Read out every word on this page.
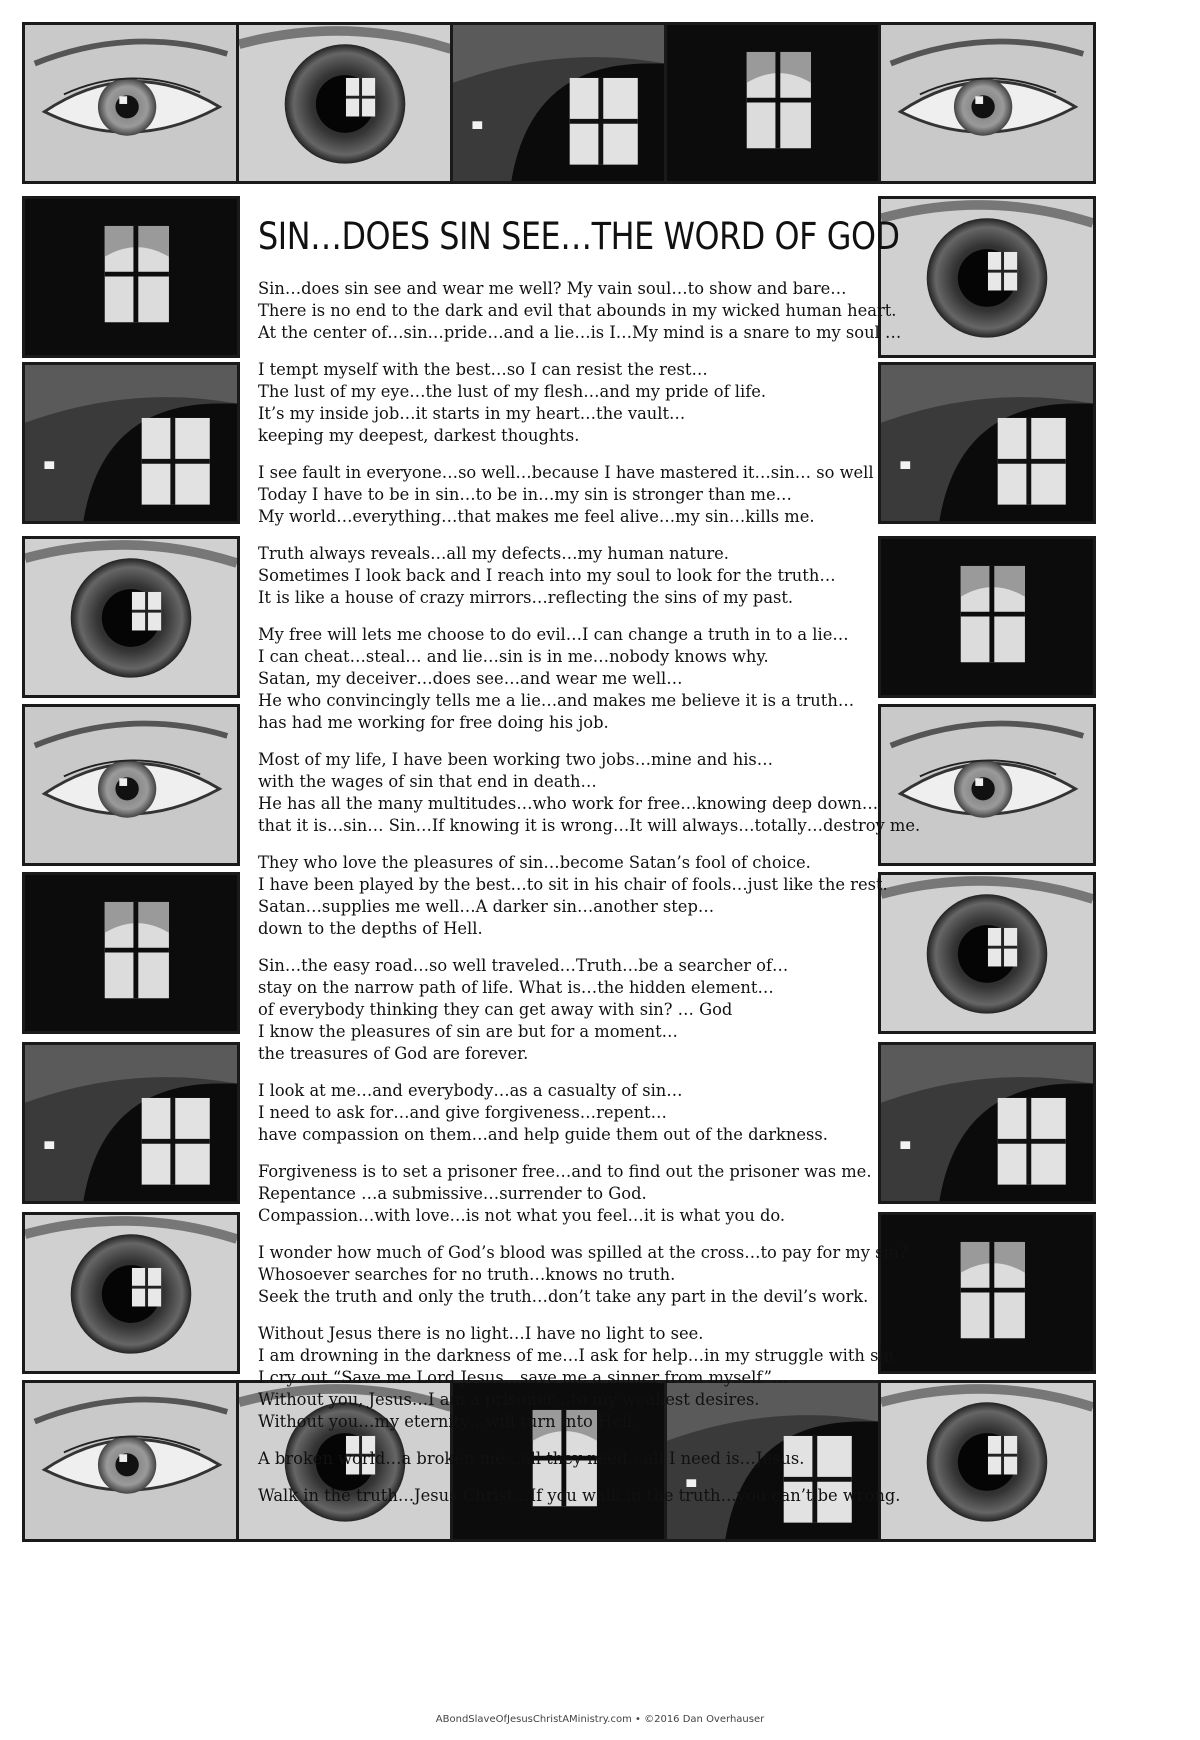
SIN…DOES SIN SEE…THE WORD OF GOD
Sin…does sin see and wear me well? My vain soul…to show and bare…
There is no end to the dark and evil that abounds in my wicked human heart.
At the center of…sin…pride…and a lie…is I…My mind is a snare to my soul …
I tempt myself with the best…so I can resist the rest…
The lust of my eye…the lust of my flesh…and my pride of life.
It’s my inside job…it starts in my heart…the vault…
keeping my deepest, darkest thoughts.
I see fault in everyone…so well…because I have mastered it…sin… so well
Today I have to be in sin…to be in…my sin is stronger than me…
My world…everything…that makes me feel alive…my sin…kills me.
Truth always reveals…all my defects…my human nature.
Sometimes I look back and I reach into my soul to look for the truth…
It is like a house of crazy mirrors…reflecting the sins of my past.
My free will lets me choose to do evil…I can change a truth in to a lie…
I can cheat…steal… and lie…sin is in me…nobody knows why.
Satan, my deceiver…does see…and wear me well…
He who convincingly tells me a lie…and makes me believe it is a truth…
has had me working for free doing his job.
Most of my life, I have been working two jobs…mine and his…
with the wages of sin that end in death…
He has all the many multitudes…who work for free…knowing deep down…
that it is…sin… Sin…If knowing it is wrong…It will always…totally…destroy me.
They who love the pleasures of sin…become Satan’s fool of choice.
I have been played by the best…to sit in his chair of fools…just like the rest.
Satan…supplies me well…A darker sin…another step…
down to the depths of Hell.
Sin…the easy road…so well traveled…Truth…be a searcher of…
stay on the narrow path of life. What is…the hidden element…
of everybody thinking they can get away with sin? … God
I know the pleasures of sin are but for a moment…
the treasures of God are forever.
I look at me…and everybody…as a casualty of sin…
I need to ask for…and give forgiveness…repent…
have compassion on them…and help guide them out of the darkness.
Forgiveness is to set a prisoner free…and to find out the prisoner was me.
Repentance …a submissive…surrender to God.
Compassion…with love…is not what you feel…it is what you do.
I wonder how much of God’s blood was spilled at the cross…to pay for my sin?
Whosoever searches for no truth…knows no truth.
Seek the truth and only the truth…don’t take any part in the devil’s work.
Without Jesus there is no light…I have no light to see.
I am drowning in the darkness of me…I ask for help…in my struggle with sin.
I cry out “Save me Lord Jesus…save me a sinner from myself”…
Without you, Jesus…I am a prisoner…to my weakest desires.
Without you…my eternity…will turn into Hell.
A broken world…a broken me…all they need…all I need is…Jesus.
Walk in the truth…Jesus Christ…If you walk in the truth…you can’t be wrong.
ABondSlaveOfJesusChristAMinistry.com • ©2016 Dan Overhauser
